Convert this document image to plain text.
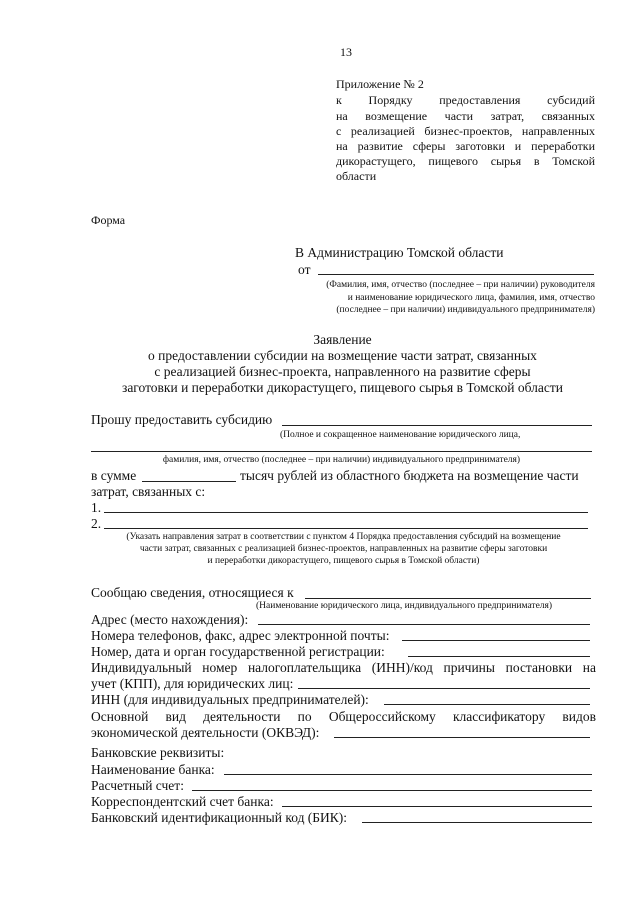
13
Приложение № 2
к Порядку предоставления субсидий
на возмещение части затрат, связанных
с реализацией бизнес-проектов, направленных
на развитие сферы заготовки и переработки
дикорастущего, пищевого сырья в Томской
области
Форма
В Администрацию Томской области
от
(Фамилия, имя, отчество (последнее – при наличии) руководителя
и наименование юридического лица, фамилия, имя, отчество
(последнее – при наличии) индивидуального предпринимателя)
Заявление
о предоставлении субсидии на возмещение части затрат, связанных
с реализацией бизнес-проекта, направленного на развитие сферы
заготовки и переработки дикорастущего, пищевого сырья в Томской области
Прошу предоставить субсидию
(Полное и сокращенное наименование юридического лица,
фамилия, имя, отчество (последнее – при наличии) индивидуального предпринимателя)
в сумме	тысяч рублей из областного бюджета на возмещение части
затрат, связанных с:
1.
2.
(Указать направления затрат в соответствии с пунктом 4 Порядка предоставления субсидий на возмещение
части затрат, связанных с реализацией бизнес-проектов, направленных на развитие сферы заготовки
и переработки дикорастущего, пищевого сырья в Томской области)
Сообщаю сведения, относящиеся к
(Наименование юридического лица, индивидуального предпринимателя)
Адрес (место нахождения):
Номера телефонов, факс, адрес электронной почты:
Номер, дата и орган государственной регистрации:
Индивидуальный номер налогоплательщика (ИНН)/код причины постановки на
учет (КПП), для юридических лиц:
ИНН (для индивидуальных предпринимателей):
Основной вид деятельности по Общероссийскому классификатору видов
экономической деятельности (ОКВЭД):
Банковские реквизиты:
Наименование банка:
Расчетный счет:
Корреспондентский счет банка:
Банковский идентификационный код (БИК):
